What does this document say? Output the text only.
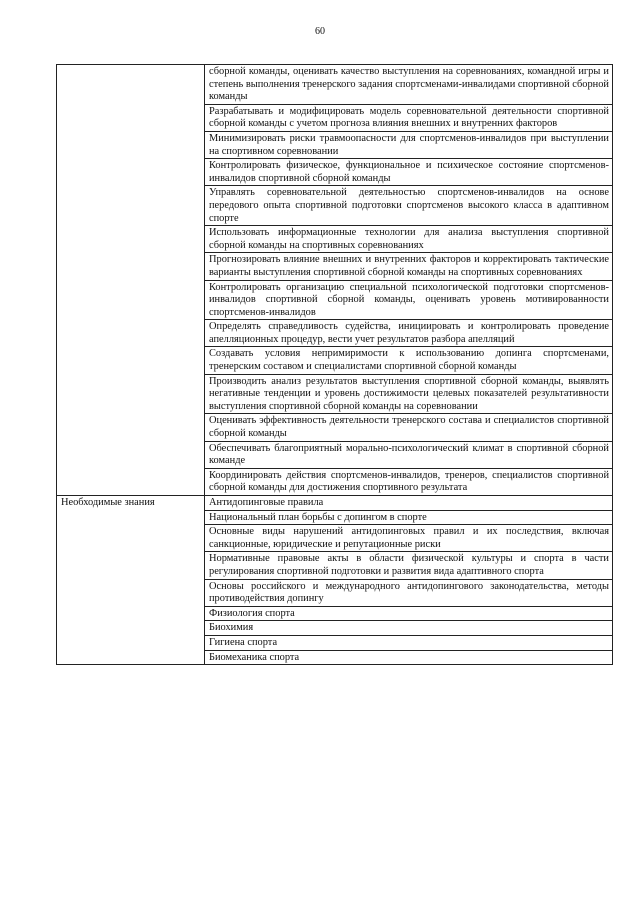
60
	сборной команды, оценивать качество выступления на соревнованиях, командной игры и степень выполнения тренерского задания спортсменами-инвалидами спортивной сборной команды
	Разрабатывать и модифицировать модель соревновательной деятельности спортивной сборной команды с учетом прогноза влияния внешних и внутренних факторов
	Минимизировать риски травмоопасности для спортсменов-инвалидов при выступлении на спортивном соревновании
	Контролировать физическое, функциональное и психическое состояние спортсменов-инвалидов спортивной сборной команды
	Управлять соревновательной деятельностью спортсменов-инвалидов на основе передового опыта спортивной подготовки спортсменов высокого класса в адаптивном спорте
	Использовать информационные технологии для анализа выступления спортивной сборной команды на спортивных соревнованиях
	Прогнозировать влияние внешних и внутренних факторов и корректировать тактические варианты выступления спортивной сборной команды на спортивных соревнованиях
	Контролировать организацию специальной психологической подготовки спортсменов-инвалидов спортивной сборной команды, оценивать уровень мотивированности спортсменов-инвалидов
	Определять справедливость судейства, инициировать и контролировать проведение апелляционных процедур, вести учет результатов разбора апелляций
	Создавать условия непримиримости к использованию допинга спортсменами, тренерским составом и специалистами спортивной сборной команды
	Производить анализ результатов выступления спортивной сборной команды, выявлять негативные тенденции и уровень достижимости целевых показателей результативности выступления спортивной сборной команды на соревновании
	Оценивать эффективность деятельности тренерского состава и специалистов спортивной сборной команды
	Обеспечивать благоприятный морально-психологический климат в спортивной сборной команде
	Координировать действия спортсменов-инвалидов, тренеров, специалистов спортивной сборной команды для достижения спортивного результата
Необходимые знания	Антидопинговые правила
	Национальный план борьбы с допингом в спорте
	Основные виды нарушений антидопинговых правил и их последствия, включая санкционные, юридические и репутационные риски
	Нормативные правовые акты в области физической культуры и спорта в части регулирования спортивной подготовки и развития вида адаптивного спорта
	Основы российского и международного антидопингового законодательства, методы противодействия допингу
	Физиология спорта
	Биохимия
	Гигиена спорта
	Биомеханика спорта
